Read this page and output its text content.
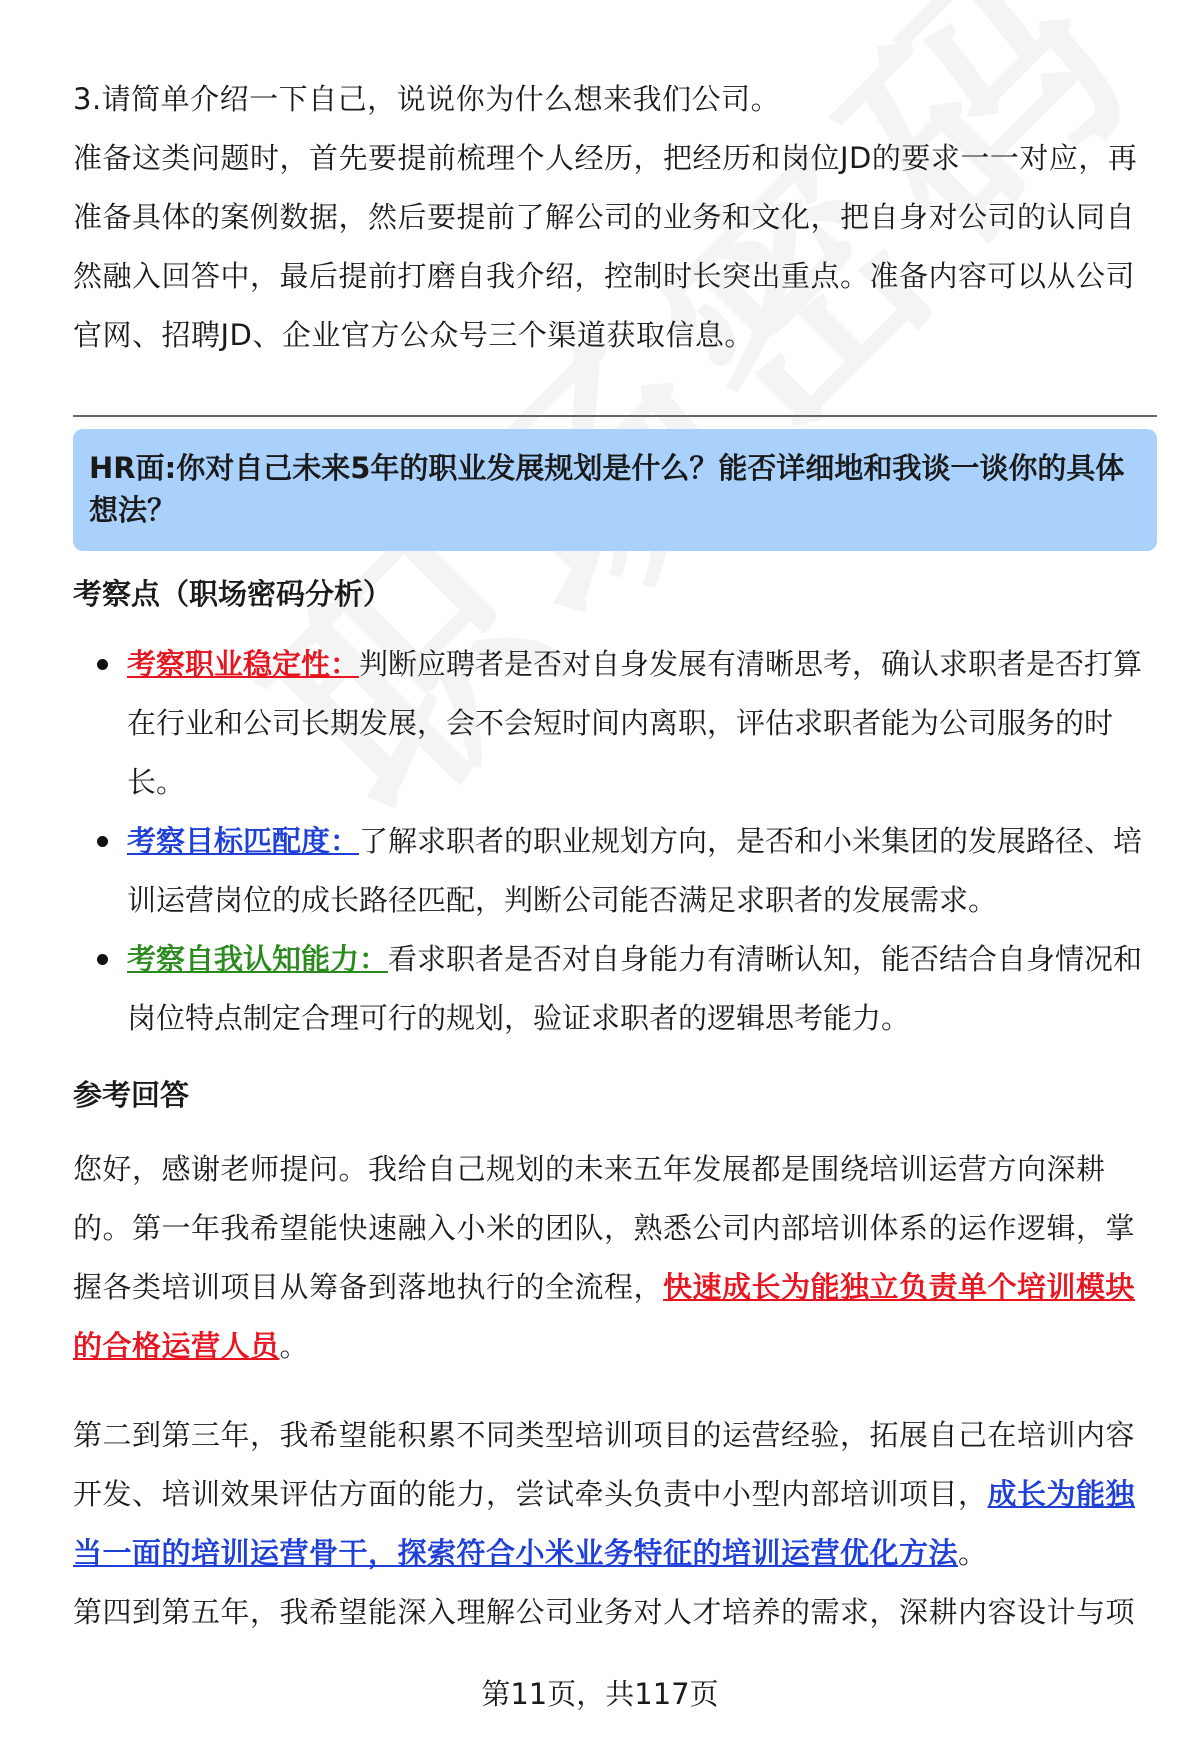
3.请简单介绍一下自己，说说你为什么想来我们公司。

准备这类问题时，首先要提前梳理个人经历，把经历和岗位JD的要求一一对应，再准备具体的案例数据，然后要提前了解公司的业务和文化，把自身对公司的认同自然融入回答中，最后提前打磨自我介绍，控制时长突出重点。准备内容可以从公司官网、招聘JD、企业官方公众号三个渠道获取信息。

HR面:你对自己未来5年的职业发展规划是什么？能否详细地和我谈一谈你的具体想法？
考察点（职场密码分析）
考察职业稳定性：判断应聘者是否对自身发展有清晰思考，确认求职者是否打算在行业和公司长期发展，会不会短时间内离职，评估求职者能为公司服务的时长。
考察目标匹配度：了解求职者的职业规划方向，是否和小米集团的发展路径、培训运营岗位的成长路径匹配，判断公司能否满足求职者的发展需求。
考察自我认知能力：看求职者是否对自身能力有清晰认知，能否结合自身情况和岗位特点制定合理可行的规划，验证求职者的逻辑思考能力。
参考回答

您好，感谢老师提问。我给自己规划的未来五年发展都是围绕培训运营方向深耕的。第一年我希望能快速融入小米的团队，熟悉公司内部培训体系的运作逻辑，掌握各类培训项目从筹备到落地执行的全流程，快速成长为能独立负责单个培训模块的合格运营人员。

第二到第三年，我希望能积累不同类型培训项目的运营经验，拓展自己在培训内容开发、培训效果评估方面的能力，尝试牵头负责中小型内部培训项目，成长为能独当一面的培训运营骨干，探索符合小米业务特征的培训运营优化方法。

第四到第五年，我希望能深入理解公司业务对人才培养的需求，深耕内容设计与项

第11页，共117页
